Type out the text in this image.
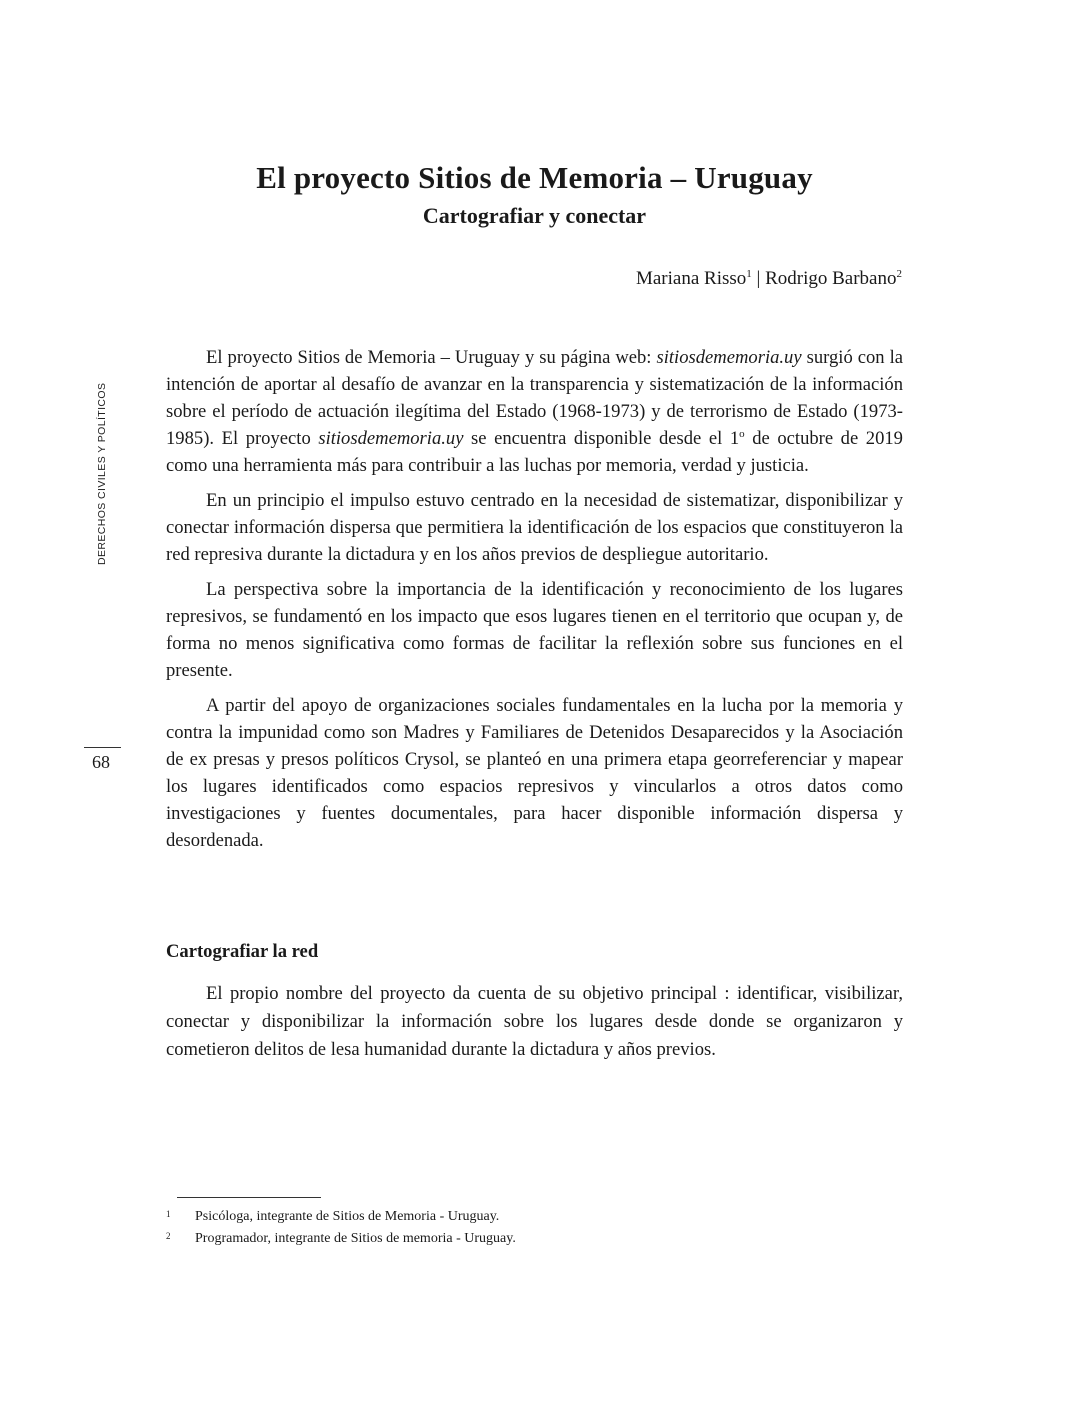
El proyecto Sitios de Memoria – Uruguay
Cartografiar y conectar
Mariana Risso$^1$ | Rodrigo Barbano$^2$
DERECHOS CIVILES Y POLÍTICOS
68

El proyecto Sitios de Memoria – Uruguay y su página web: sitiosdememoria.uy surgió con la intención de aportar al desafío de avanzar en la transparencia y sistematización de la información sobre el período de actuación ilegítima del Estado (1968-1973) y de terrorismo de Estado (1973-1985). El proyecto sitiosdememoria.uy se encuentra disponible desde el 1$^o$ de octubre de 2019 como una herramienta más para contribuir a las luchas por memoria, verdad y justicia.

En un principio el impulso estuvo centrado en la necesidad de sistematizar, disponibilizar y conectar información dispersa que permitiera la identificación de los espacios que constituyeron la red represiva durante la dictadura y en los años previos de despliegue autoritario.

La perspectiva sobre la importancia de la identificación y reconocimiento de los lugares represivos, se fundamentó en los impacto que esos lugares tienen en el territorio que ocupan y, de forma no menos significativa como formas de facilitar la reflexión sobre sus funciones en el presente.

A partir del apoyo de organizaciones sociales fundamentales en la lucha por la memoria y contra la impunidad como son Madres y Familiares de Detenidos Desaparecidos y la Asociación de ex presas y presos políticos Crysol, se planteó en una primera etapa georreferenciar y mapear los lugares identificados como espacios represivos y vincularlos a otros datos como investigaciones y fuentes documentales, para hacer disponible información dispersa y desordenada.

Cartografiar la red

El propio nombre del proyecto da cuenta de su objetivo principal : identificar, visibilizar, conectar y disponibilizar la información sobre los lugares desde donde se organizaron y cometieron delitos de lesa humanidad durante la dictadura y años previos.

1 Psicóloga, integrante de Sitios de Memoria - Uruguay.
2 Programador, integrante de Sitios de memoria - Uruguay.
